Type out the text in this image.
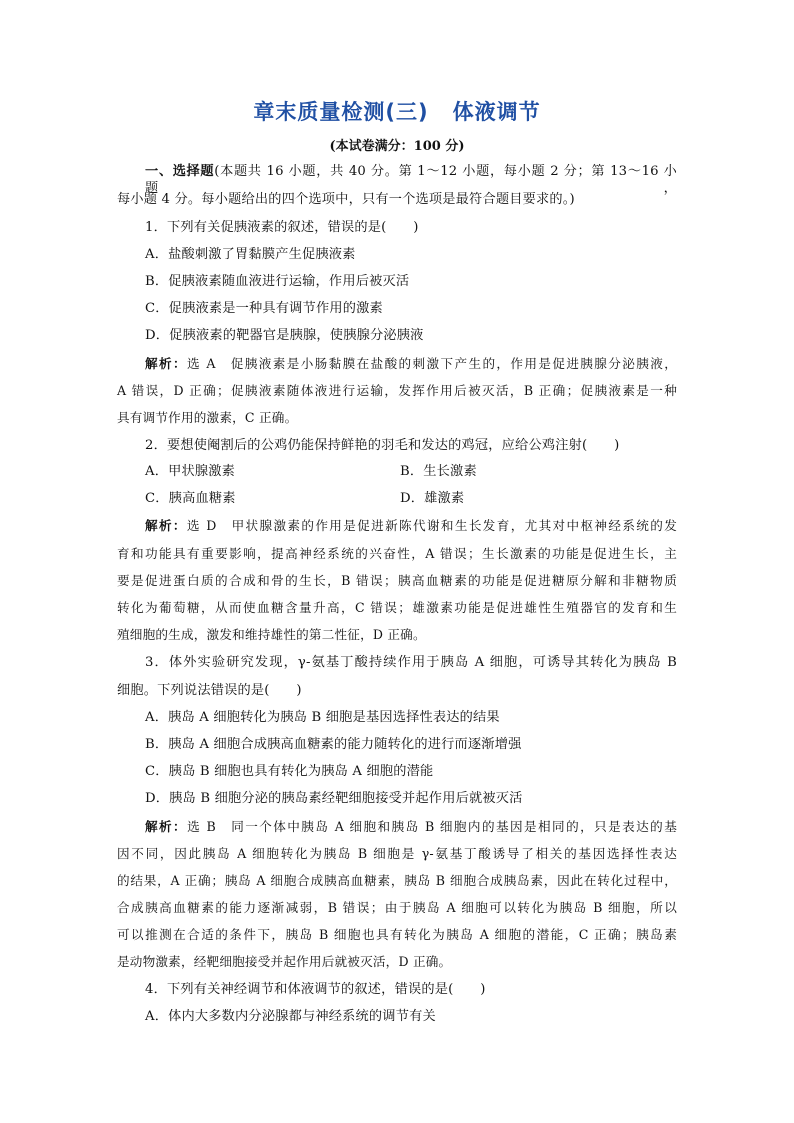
章末质量检测(三) 体液调节
(本试卷满分：100 分)
一、选择题(本题共 16 小题，共 40 分。第 1～12 小题，每小题 2 分；第 13～16 小题，
每小题 4 分。每小题给出的四个选项中，只有一个选项是最符合题目要求的。)
1．下列有关促胰液素的叙述，错误的是(　　)
A．盐酸刺激了胃黏膜产生促胰液素
B．促胰液素随血液进行运输，作用后被灭活
C．促胰液素是一种具有调节作用的激素
D．促胰液素的靶器官是胰腺，使胰腺分泌胰液
解析：选 A　促胰液素是小肠黏膜在盐酸的刺激下产生的，作用是促进胰腺分泌胰液，
A 错误，D 正确；促胰液素随体液进行运输，发挥作用后被灭活，B 正确；促胰液素是一种
具有调节作用的激素，C 正确。
2．要想使阉割后的公鸡仍能保持鲜艳的羽毛和发达的鸡冠，应给公鸡注射(　　)
A．甲状腺激素	B．生长激素
C．胰高血糖素	D．雄激素
解析：选 D　甲状腺激素的作用是促进新陈代谢和生长发育，尤其对中枢神经系统的发
育和功能具有重要影响，提高神经系统的兴奋性，A 错误；生长激素的功能是促进生长，主
要是促进蛋白质的合成和骨的生长，B 错误；胰高血糖素的功能是促进糖原分解和非糖物质
转化为葡萄糖，从而使血糖含量升高，C 错误；雄激素功能是促进雄性生殖器官的发育和生
殖细胞的生成，激发和维持雄性的第二性征，D 正确。
3．体外实验研究发现，γ-氨基丁酸持续作用于胰岛 A 细胞，可诱导其转化为胰岛 B
细胞。下列说法错误的是(　　)
A．胰岛 A 细胞转化为胰岛 B 细胞是基因选择性表达的结果
B．胰岛 A 细胞合成胰高血糖素的能力随转化的进行而逐渐增强
C．胰岛 B 细胞也具有转化为胰岛 A 细胞的潜能
D．胰岛 B 细胞分泌的胰岛素经靶细胞接受并起作用后就被灭活
解析：选 B　同一个体中胰岛 A 细胞和胰岛 B 细胞内的基因是相同的，只是表达的基
因不同，因此胰岛 A 细胞转化为胰岛 B 细胞是 γ-氨基丁酸诱导了相关的基因选择性表达
的结果，A 正确；胰岛 A 细胞合成胰高血糖素，胰岛 B 细胞合成胰岛素，因此在转化过程中，
合成胰高血糖素的能力逐渐减弱，B 错误；由于胰岛 A 细胞可以转化为胰岛 B 细胞，所以
可以推测在合适的条件下，胰岛 B 细胞也具有转化为胰岛 A 细胞的潜能，C 正确；胰岛素
是动物激素，经靶细胞接受并起作用后就被灭活，D 正确。
4．下列有关神经调节和体液调节的叙述，错误的是(　　)
A．体内大多数内分泌腺都与神经系统的调节有关
